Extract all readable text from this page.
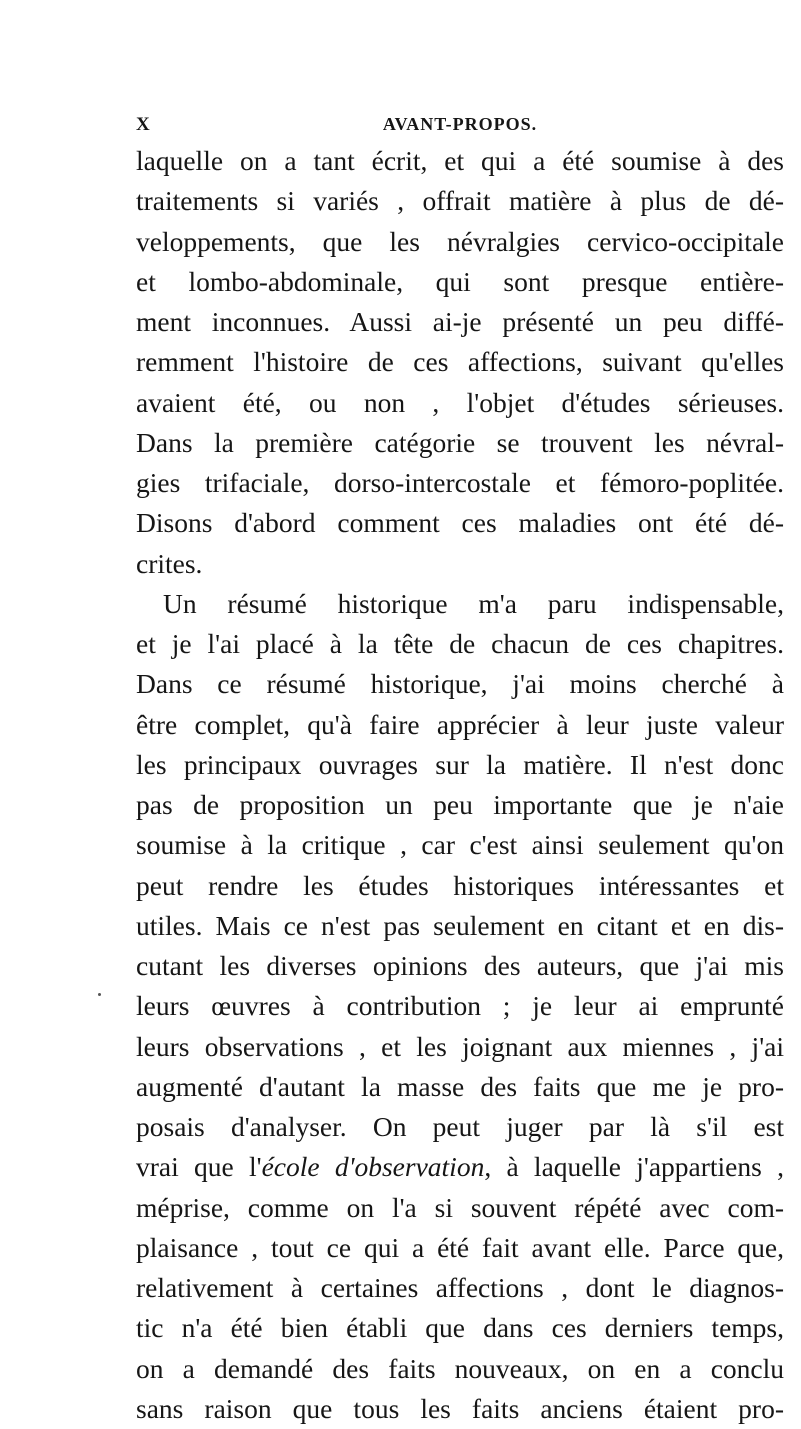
X	AVANT-PROPOS.
laquelle on a tant écrit, et qui a été soumise à des
traitements si variés , offrait matière à plus de dé-
veloppements, que les névralgies cervico-occipitale
et lombo-abdominale, qui sont presque entière-
ment inconnues. Aussi ai-je présenté un peu diffé-
remment l'histoire de ces affections, suivant qu'elles
avaient été, ou non , l'objet d'études sérieuses.
Dans la première catégorie se trouvent les névral-
gies trifaciale, dorso-intercostale et fémoro-poplitée.
Disons d'abord comment ces maladies ont été dé-
crites.
Un résumé historique m'a paru indispensable,
et je l'ai placé à la tête de chacun de ces chapitres.
Dans ce résumé historique, j'ai moins cherché à
être complet, qu'à faire apprécier à leur juste valeur
les principaux ouvrages sur la matière. Il n'est donc
pas de proposition un peu importante que je n'aie
soumise à la critique , car c'est ainsi seulement qu'on
peut rendre les études historiques intéressantes et
utiles. Mais ce n'est pas seulement en citant et en dis-
cutant les diverses opinions des auteurs, que j'ai mis
leurs œuvres à contribution ; je leur ai emprunté
leurs observations , et les joignant aux miennes , j'ai
augmenté d'autant la masse des faits que me je pro-
posais d'analyser. On peut juger par là s'il est
vrai que l'école d'observation, à laquelle j'appartiens ,
méprise, comme on l'a si souvent répété avec com-
plaisance , tout ce qui a été fait avant elle. Parce que,
relativement à certaines affections , dont le diagnos-
tic n'a été bien établi que dans ces derniers temps,
on a demandé des faits nouveaux, on en a conclu
sans raison que tous les faits anciens étaient pro-
